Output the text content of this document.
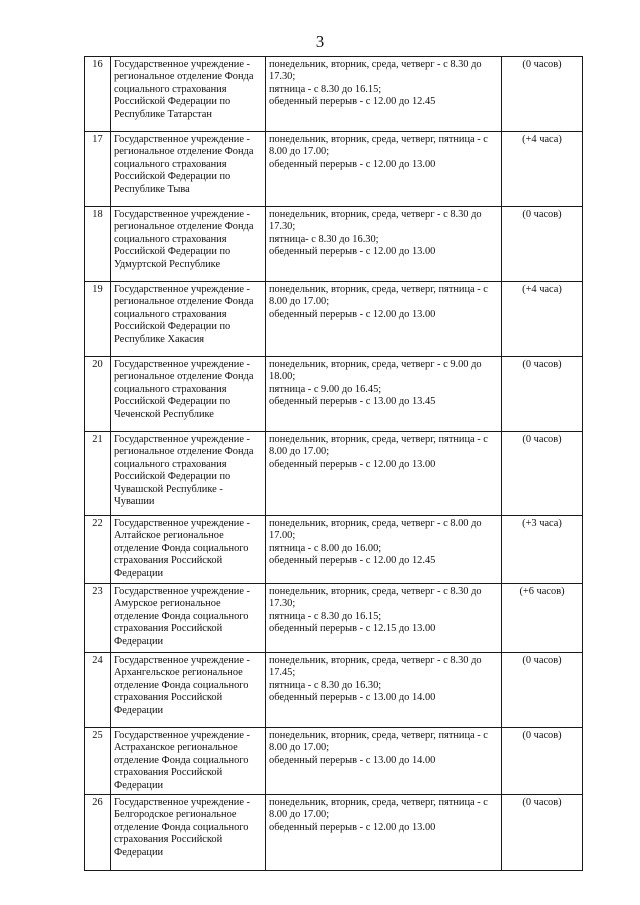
3
16	Государственное учреждение - региональное отделение Фонда социального страхования Российской Федерации по Республике Татарстан	понедельник, вторник, среда, четверг - с 8.30 до 17.30;
пятница - с 8.30 до 16.15;
обеденный перерыв - с 12.00 до 12.45	(0 часов)
17	Государственное учреждение - региональное отделение Фонда социального страхования Российской Федерации по Республике Тыва	понедельник, вторник, среда, четверг, пятница - с 8.00 до 17.00;
обеденный перерыв - с 12.00 до 13.00	(+4 часа)
18	Государственное учреждение - региональное отделение Фонда социального страхования Российской Федерации по Удмуртской Республике	понедельник, вторник, среда, четверг - с 8.30 до 17.30;
пятница- с 8.30 до 16.30;
обеденный перерыв - с 12.00 до 13.00	(0 часов)
19	Государственное учреждение - региональное отделение Фонда социального страхования Российской Федерации по Республике Хакасия	понедельник, вторник, среда, четверг, пятница - с 8.00 до 17.00;
обеденный перерыв - с 12.00 до 13.00	(+4 часа)
20	Государственное учреждение - региональное отделение Фонда социального страхования Российской Федерации по Чеченской Республике	понедельник, вторник, среда, четверг - с 9.00 до 18.00;
пятница - с 9.00 до 16.45;
обеденный перерыв - с 13.00 до 13.45	(0 часов)
21	Государственное учреждение - региональное отделение Фонда социального страхования Российской Федерации по Чувашской Республике - Чувашии	понедельник, вторник, среда, четверг, пятница - с 8.00 до 17.00;
обеденный перерыв - с 12.00 до 13.00	(0 часов)
22	Государственное учреждение - Алтайское региональное отделение Фонда социального страхования Российской Федерации	понедельник, вторник, среда, четверг - с 8.00 до 17.00;
пятница - с 8.00 до 16.00;
обеденный перерыв - с 12.00 до 12.45	(+3 часа)
23	Государственное учреждение - Амурское региональное отделение Фонда социального страхования Российской Федерации	понедельник, вторник, среда, четверг - с 8.30 до 17.30;
пятница - с 8.30 до 16.15;
обеденный перерыв - с 12.15 до 13.00	(+6 часов)
24	Государственное учреждение - Архангельское региональное отделение Фонда социального страхования Российской Федерации	понедельник, вторник, среда, четверг - с 8.30 до 17.45;
пятница - с 8.30 до 16.30;
обеденный перерыв - с 13.00 до 14.00	(0 часов)
25	Государственное учреждение - Астраханское региональное отделение Фонда социального страхования Российской Федерации	понедельник, вторник, среда, четверг, пятница - с 8.00 до 17.00;
обеденный перерыв - с 13.00 до 14.00	(0 часов)
26	Государственное учреждение - Белгородское региональное отделение Фонда социального страхования Российской Федерации	понедельник, вторник, среда, четверг, пятница - с 8.00 до 17.00;
обеденный перерыв - с 12.00 до 13.00	(0 часов)
